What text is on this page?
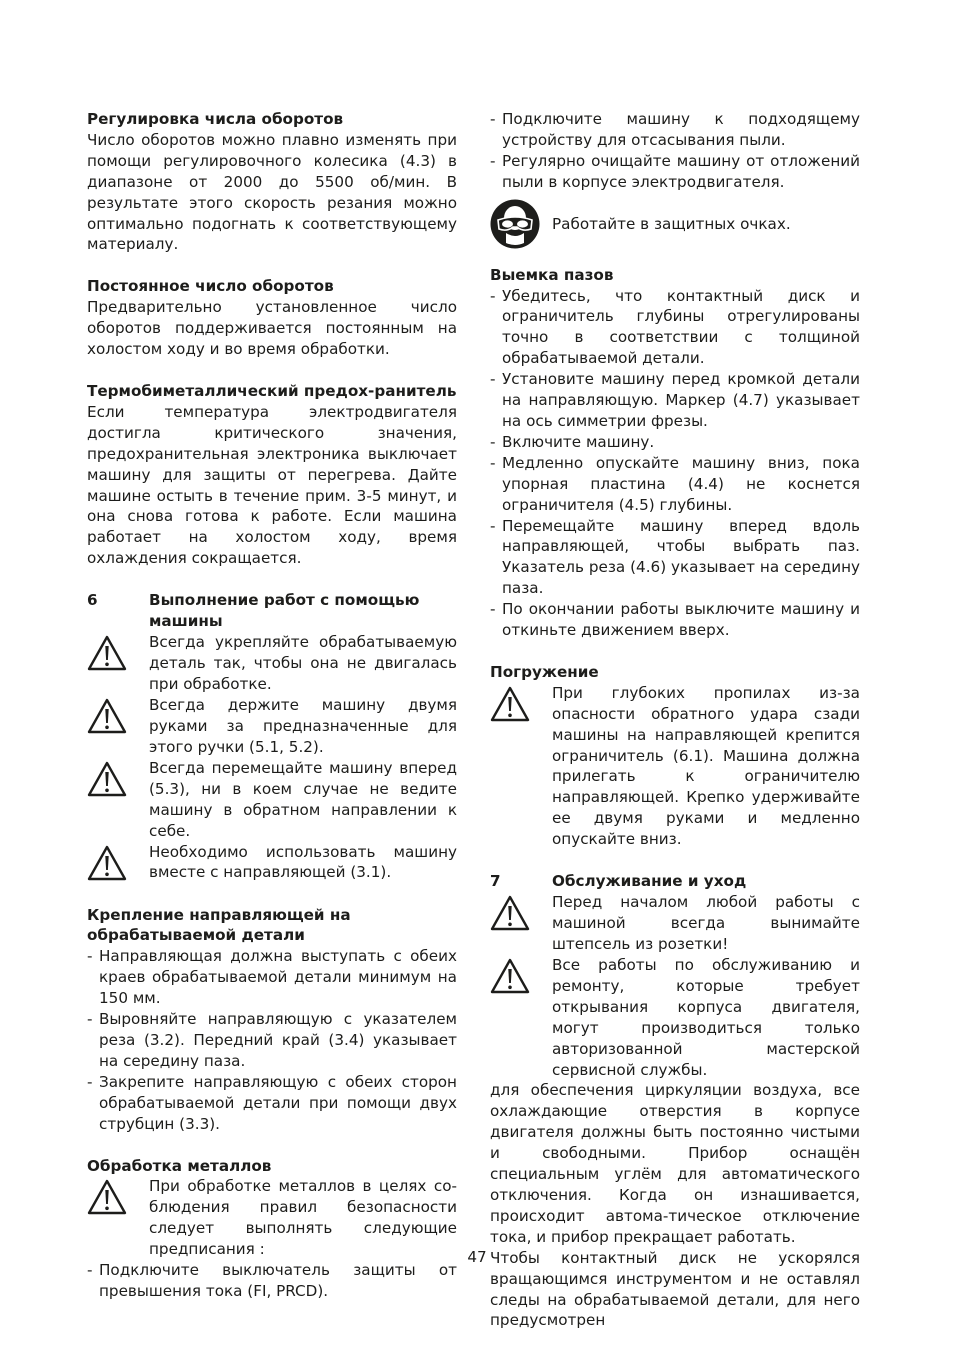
Регулировка числа оборотов

Число оборотов можно плавно изменять при помощи регулировочного колесика (4.3) в диапазоне от 2000 до 5500 об/мин. В результате этого скорость резания можно оптимально подогнать к соответствующему материалу.

Постоянное число оборотов

Предварительно установленное число оборотов поддерживается постоянным на холостом ходу и во время обработки.

Термобиметаллический предох-ранитель

Если температура электродвигателя достигла критического значения, предохранительная электроника выключает машину для защиты от перегрева. Дайте машине остыть в течение прим. 3-5 минут, и она снова готова к работе. Если машина работает на холостом ходу, время охлаждения сокращается.

6	Выполнение работ с помощью машины
Всегда укрепляйте обрабатываемую деталь так, чтобы она не двигалась при обработке.
Всегда держите машину двумя руками за предназначенные для этого ручки (5.1, 5.2).
Всегда перемещайте машину вперед (5.3), ни в коем случае не ведите машину в обратном направлении к себе.
Необходимо использовать машину вместе с направляющей (3.1).
Крепление направляющей на обрабатываемой детали
- Направляющая должна выступать с обеих краев обрабатываемой детали минимум на 150 мм.
- Выровняйте направляющую с указателем реза (3.2). Передний край (3.4) указывает на середину паза.
- Закрепите направляющую с обеих сторон обрабатываемой детали при помощи двух струбцин (3.3).
Обработка металлов
При обработке металлов в целях соблюдения правил безопасности следует выполнять следующие предписания :
- Подключите выключатель защиты от превышения тока (FI, PRCD).
- Подключите машину к подходящему устройству для отсасывания пыли.
- Регулярно очищайте машину от отложений пыли в корпусе электродвигателя.
Работайте в защитных очках.
Выемка пазов
- Убедитесь, что контактный диск и ограничитель глубины отрегулированы точно в соответствии с толщиной обрабатываемой детали.
- Установите машину перед кромкой детали на направляющую. Маркер (4.7) указывает на ось симметрии фрезы.
- Включите машину.
- Медленно опускайте машину вниз, пока упорная пластина (4.4) не коснется ограничителя (4.5) глубины.
- Перемещайте машину вперед вдоль направляющей, чтобы выбрать паз. Указатель реза (4.6) указывает на середину паза.
- По окончании работы выключите машину и откиньте движением вверх.
Погружение
При глубоких пропилах из-за опасности обратного удара сзади машины на направляющей крепится ограничитель (6.1). Машина должна прилегать к ограничителю направляющей. Крепко удерживайте ее двумя руками и медленно опускайте вниз.
7	Обслуживание и уход
Перед началом любой работы с машиной всегда вынимайте штепсель из розетки!
Все работы по обслуживанию и ремонту, которые требует открывания корпуса двигателя, могут производиться только авторизованной мастерской сервисной службы.

для обеспечения циркуляции воздуха, все охлаждающие отверстия в корпусе двигателя должны быть постоянно чистыми и свободными. Прибор оснащён специальным углём для автоматического отключения. Когда он изнашивается, происходит автома-тическое отключение тока, и прибор прекращает работать.

Чтобы контактный диск не ускорялся вращающимся инструментом и не оставлял следы на обрабатываемой детали, для него предусмотрен

47
